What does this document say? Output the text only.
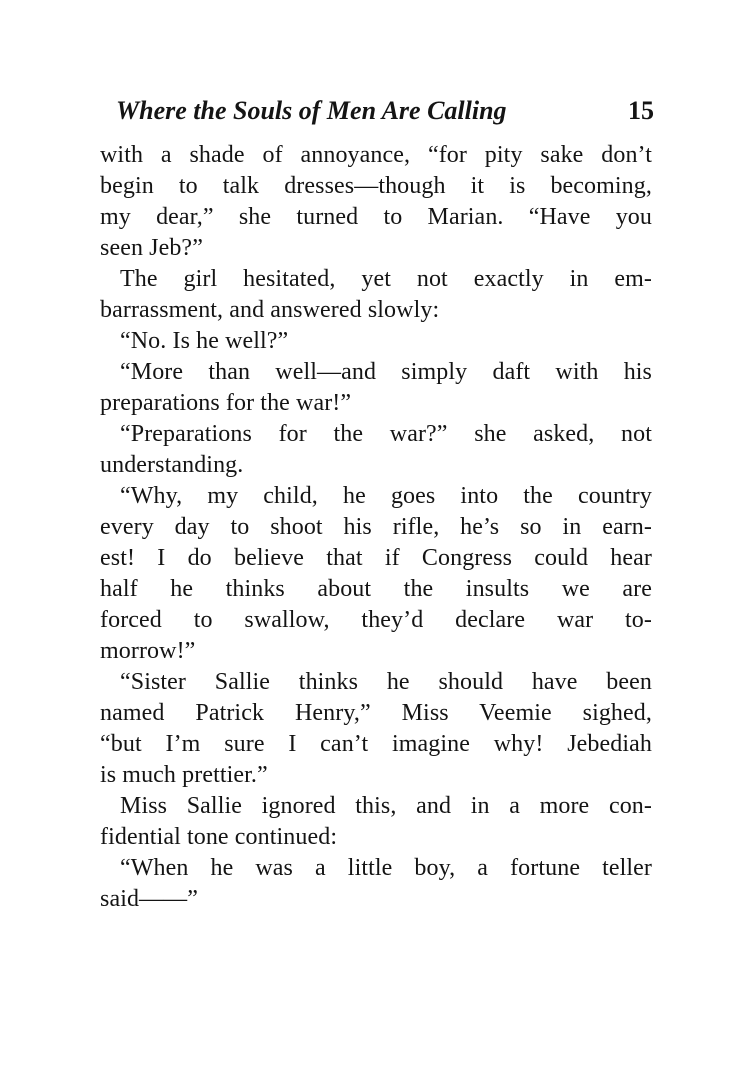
Where the Souls of Men Are Calling	15
with a shade of annoyance, “for pity sake don’t
begin to talk dresses—though it is becoming,
my dear,” she turned to Marian. “Have you
seen Jeb?”
The girl hesitated, yet not exactly in em-
barrassment, and answered slowly:
“No. Is he well?”
“More than well—and simply daft with his
preparations for the war!”
“Preparations for the war?” she asked, not
understanding.
“Why, my child, he goes into the country
every day to shoot his rifle, he’s so in earn-
est! I do believe that if Congress could hear
half he thinks about the insults we are
forced to swallow, they’d declare war to-
morrow!”
“Sister Sallie thinks he should have been
named Patrick Henry,” Miss Veemie sighed,
“but I’m sure I can’t imagine why! Jebediah
is much prettier.”
Miss Sallie ignored this, and in a more con-
fidential tone continued:
“When he was a little boy, a fortune teller
said——”
